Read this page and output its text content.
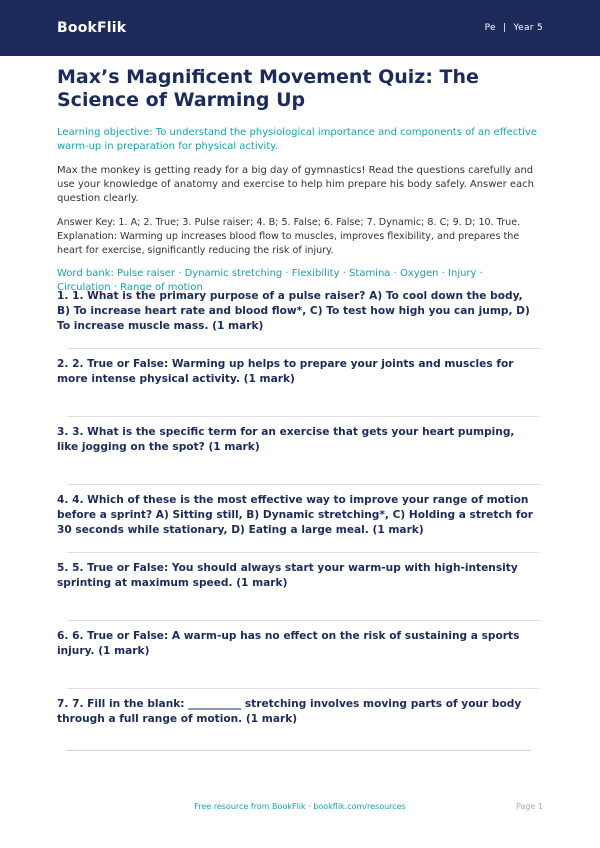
BookFlik	Pe | Year 5
Max’s Magnificent Movement Quiz: The Science of Warming Up

Learning objective: To understand the physiological importance and components of an effective warm-up in preparation for physical activity.

Max the monkey is getting ready for a big day of gymnastics! Read the questions carefully and use your knowledge of anatomy and exercise to help him prepare his body safely. Answer each question clearly.

Answer Key: 1. A; 2. True; 3. Pulse raiser; 4. B; 5. False; 6. False; 7. Dynamic; 8. C; 9. D; 10. True. Explanation: Warming up increases blood flow to muscles, improves flexibility, and prepares the heart for exercise, significantly reducing the risk of injury.

Word bank: Pulse raiser · Dynamic stretching · Flexibility · Stamina · Oxygen · Injury · Circulation · Range of motion

1. 1. What is the primary purpose of a pulse raiser? A) To cool down the body, B) To increase heart rate and blood flow*, C) To test how high you can jump, D) To increase muscle mass. (1 mark)

2. 2. True or False: Warming up helps to prepare your joints and muscles for more intense physical activity. (1 mark)

3. 3. What is the specific term for an exercise that gets your heart pumping, like jogging on the spot? (1 mark)

4. 4. Which of these is the most effective way to improve your range of motion before a sprint? A) Sitting still, B) Dynamic stretching*, C) Holding a stretch for 30 seconds while stationary, D) Eating a large meal. (1 mark)

5. 5. True or False: You should always start your warm-up with high-intensity sprinting at maximum speed. (1 mark)

6. 6. True or False: A warm-up has no effect on the risk of sustaining a sports injury. (1 mark)

7. 7. Fill in the blank: __________ stretching involves moving parts of your body through a full range of motion. (1 mark)

Free resource from BookFlik · bookflik.com/resources	Page 1
